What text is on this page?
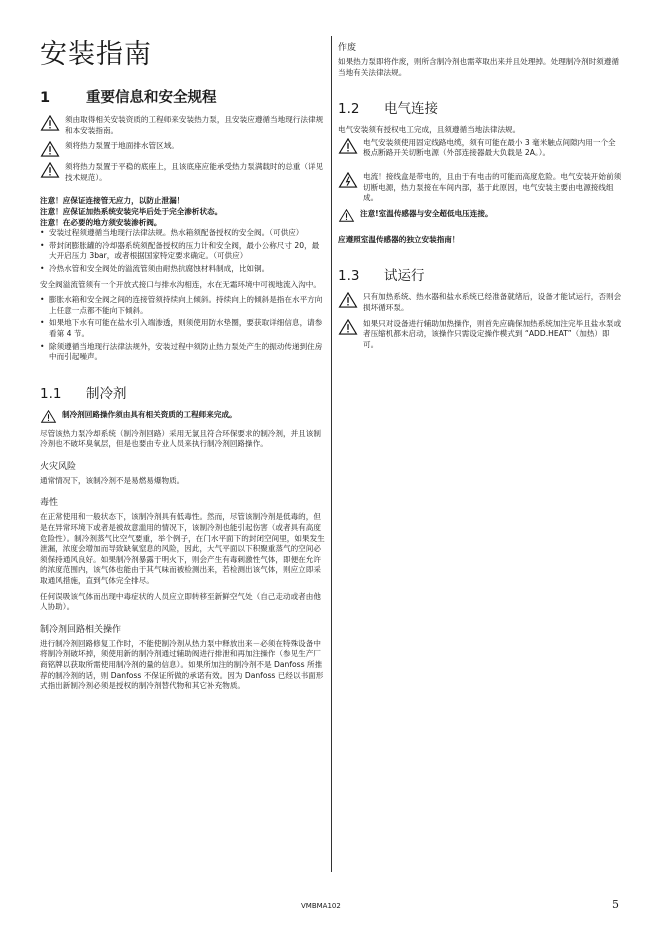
安装指南
1	重要信息和安全规程
须由取得相关安装资质的工程师来安装热力泵，且安装应遵循当地现行法律规和本安装指南。
须将热力泵置于地面排水管区域。
须将热力泵置于平稳的底座上，且该底座应能承受热力泵满载时的总重（详见技术规范）。

注意！应保证连接管无应力，以防止泄漏！

注意！应保证加热系统安装完毕后处于完全渗析状态。

注意！在必要的地方须安装渗析阀。

• 安装过程须遵循当地现行法律法规。热水箱须配备授权的安全阀。（可供应）
• 带封闭膨胀罐的冷却器系统须配备授权的压力计和安全阀，最小公称尺寸 20，最大开启压力 3bar，或者根据国家特定要求确定。（可供应）
• 冷热水管和安全阀处的溢流管须由耐热抗腐蚀材料制成，比如铜。

安全阀溢流管须有一个开放式接口与排水沟相连，水在无霜环境中可视地流入沟中。

• 膨胀水箱和安全阀之间的连接管须持续向上倾斜。持续向上的倾斜是指在水平方向上任意一点都不能向下倾斜。
• 如果地下水有可能在盐水引入端渗透，则须使用防水垫圈，要获取详细信息，请参看第 4 节。
• 除须遵循当地现行法律法规外，安装过程中须防止热力泵处产生的振动传递到住房中而引起噪声。
1.1	制冷剂
制冷剂回路操作须由具有相关资质的工程师来完成。

尽管该热力泵冷却系统（制冷剂回路）采用无氯且符合环保要求的制冷剂，并且该制冷剂也不破坏臭氧层，但是也要由专业人员来执行制冷剂回路操作。

火灾风险

通常情况下，该制冷剂不是易燃易爆物质。

毒性

在正常使用和一般状态下，该制冷剂具有低毒性。然而，尽管该制冷剂是低毒的，但是在异常环境下或者是被故意滥用的情况下，该制冷剂也能引起伤害（或者具有高度危险性）。制冷剂蒸气比空气要重，举个例子，在门水平面下的封闭空间里，如果发生泄漏，浓度会增加而导致缺氧窒息的风险，因此，大气平面以下积聚重蒸气的空间必须保持通风良好。如果制冷剂暴露于明火下，则会产生有毒刺激性气体，即便在允许的浓度范围内，该气体也能由于其气味而被检测出来，若检测出该气体，则应立即采取通风措施，直到气体完全排尽。

任何误吸该气体而出现中毒症状的人员应立即转移至新鲜空气处（自己走动或者由他人协助）。

制冷剂回路相关操作

进行制冷剂回路修复工作时，不能使制冷剂从热力泵中释放出来－必须在特殊设备中将制冷剂破坏掉，须使用新的制冷剂通过辅助阀进行排泄和再加注操作（参见生产厂商铭牌以获取所需使用制冷剂的量的信息）。如果所加注的制冷剂不是 Danfoss 所推荐的制冷剂的话，则 Danfoss 不保证所做的承诺有效。因为 Danfoss 已经以书面形式指出新制冷剂必须是授权的制冷剂替代物和其它补充物质。

作废

如果热力泵即将作废，则所含制冷剂也需萃取出来并且处理掉。处理制冷剂时须遵循当地有关法律法规。

1.2	电气连接

电气安装须有授权电工完成，且须遵循当地法律法规。

电气安装须使用固定线路电缆，须有可能在最小 3 毫米触点间隙内用一个全极点断路开关切断电源（外部连接器最大负载是 2A。）。
电流！接线盒是带电的，且由于有电击的可能而高度危险。电气安装开始前须切断电源，热力泵接在车间内部，基于此原因，电气安装主要由电源接线组成。
注意!室温传感器与安全超低电压连接。

应遵照室温传感器的独立安装指南！

1.3	试运行
只有加热系统、热水器和盐水系统已经准备就绪后，设备才能试运行，否则会损坏循环泵。
如果只对设备进行辅助加热操作，则首先应确保加热系统加注完毕且盐水泵或者压缩机都未启动，该操作只需设定操作模式到 “ADD.HEAT”（加热）即可。
VMBMA102	5
